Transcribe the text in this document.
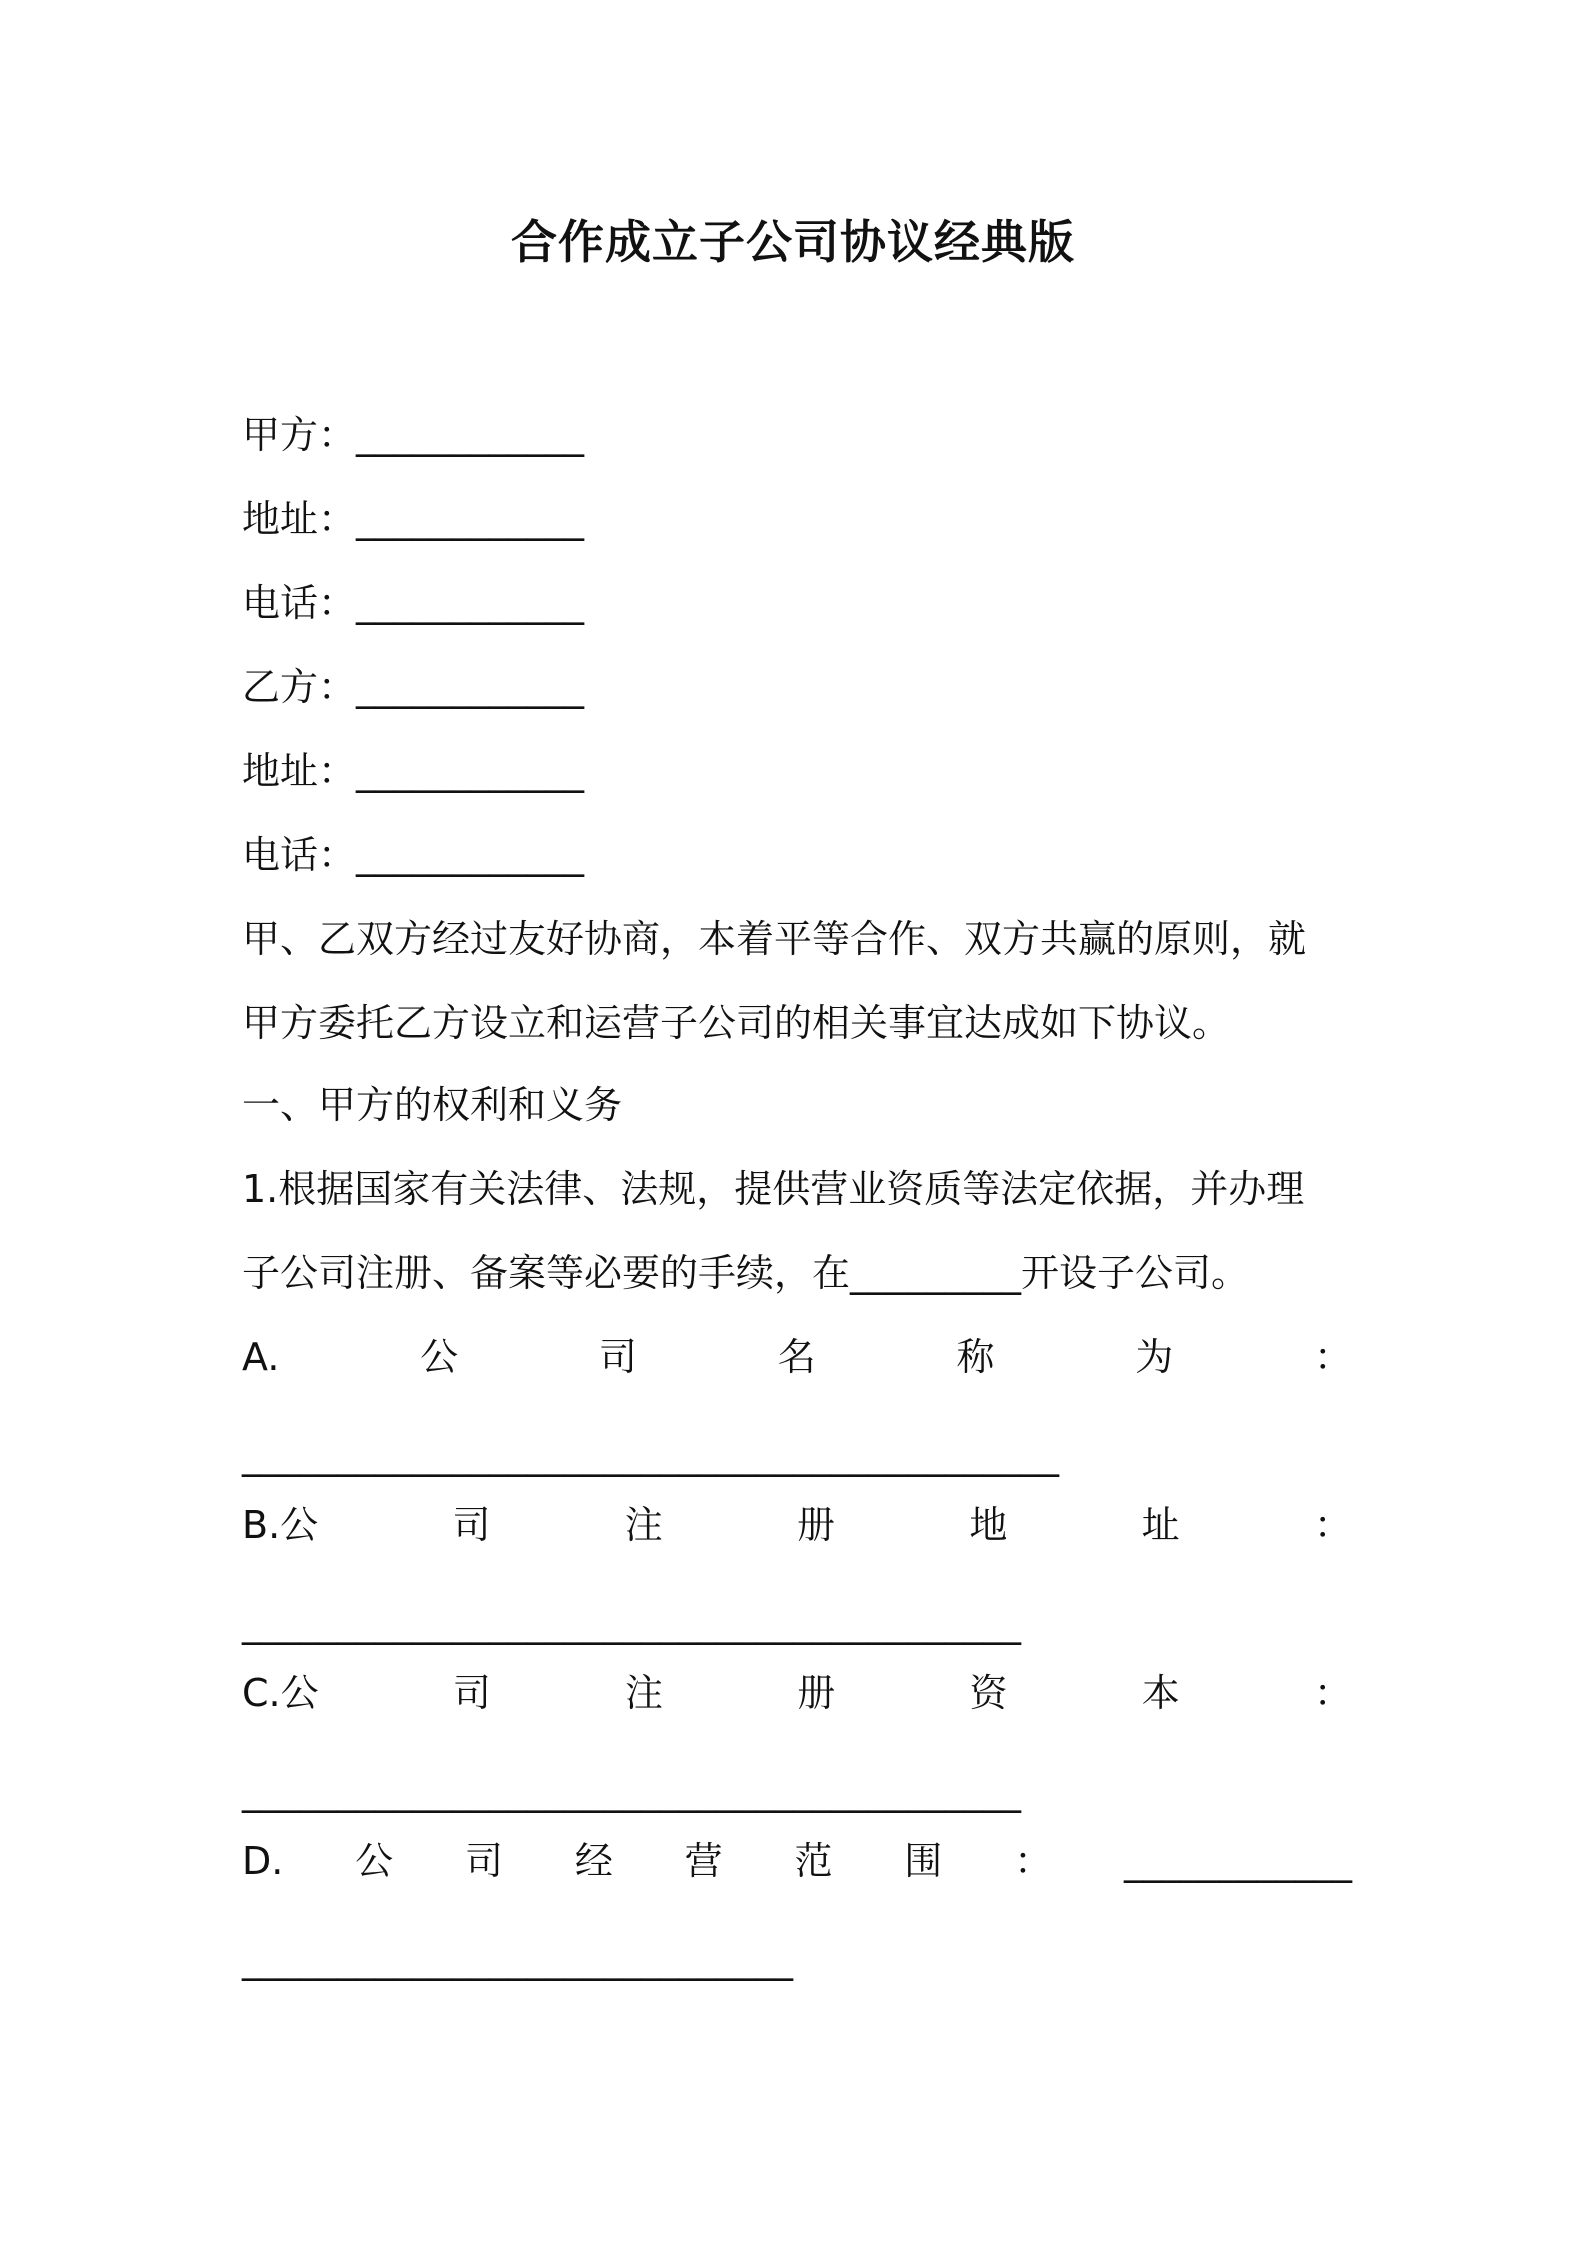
合作成立子公司协议经典版
甲方：____________
地址：____________
电话：____________
乙方：____________
地址：____________
电话：____________
甲、乙双方经过友好协商，本着平等合作、双方共赢的原则，就
甲方委托乙方设立和运营子公司的相关事宜达成如下协议。
一、甲方的权利和义务
1.根据国家有关法律、法规，提供营业资质等法定依据，并办理
子公司注册、备案等必要的手续，在_________开设子公司。
A.	公	司	名	称	为	：
___________________________________________
B.公	司	注	册	地	址	：
_________________________________________
C.公	司	注	册	资	本	：
_________________________________________
D. 公 司 经 营 范 围 ： ____________
_____________________________
